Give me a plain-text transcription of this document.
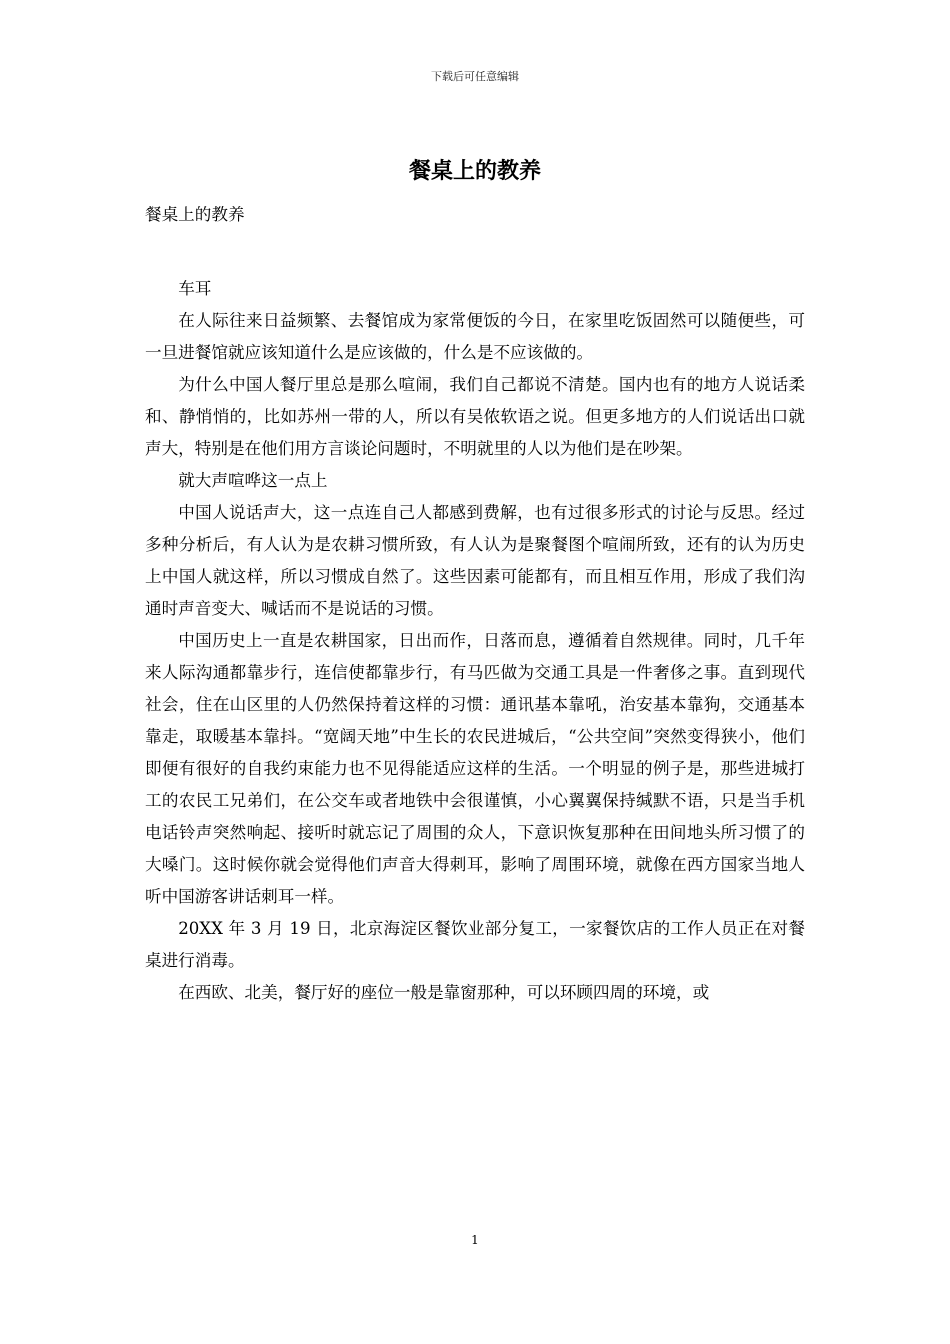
下载后可任意编辑
餐桌上的教养

餐桌上的教养

车耳

在人际往来日益频繁、去餐馆成为家常便饭的今日，在家里吃饭固然可以随便些，可一旦进餐馆就应该知道什么是应该做的，什么是不应该做的。

为什么中国人餐厅里总是那么喧闹，我们自己都说不清楚。国内也有的地方人说话柔和、静悄悄的，比如苏州一带的人，所以有吴侬软语之说。但更多地方的人们说话出口就声大，特别是在他们用方言谈论问题时，不明就里的人以为他们是在吵架。

就大声喧哗这一点上

中国人说话声大，这一点连自己人都感到费解，也有过很多形式的讨论与反思。经过多种分析后，有人认为是农耕习惯所致，有人认为是聚餐图个喧闹所致，还有的认为历史上中国人就这样，所以习惯成自然了。这些因素可能都有，而且相互作用，形成了我们沟通时声音变大、喊话而不是说话的习惯。

中国历史上一直是农耕国家，日出而作，日落而息，遵循着自然规律。同时，几千年来人际沟通都靠步行，连信使都靠步行，有马匹做为交通工具是一件奢侈之事。直到现代社会，住在山区里的人仍然保持着这样的习惯：通讯基本靠吼，治安基本靠狗，交通基本靠走，取暖基本靠抖。“宽阔天地”中生长的农民进城后，“公共空间”突然变得狭小，他们即便有很好的自我约束能力也不见得能适应这样的生活。一个明显的例子是，那些进城打工的农民工兄弟们，在公交车或者地铁中会很谨慎，小心翼翼保持缄默不语，只是当手机电话铃声突然响起、接听时就忘记了周围的众人，下意识恢复那种在田间地头所习惯了的大嗓门。这时候你就会觉得他们声音大得刺耳，影响了周围环境，就像在西方国家当地人听中国游客讲话刺耳一样。

20XX 年 3 月 19 日，北京海淀区餐饮业部分复工，一家餐饮店的工作人员正在对餐桌进行消毒。

在西欧、北美，餐厅好的座位一般是靠窗那种，可以环顾四周的环境，或

1
